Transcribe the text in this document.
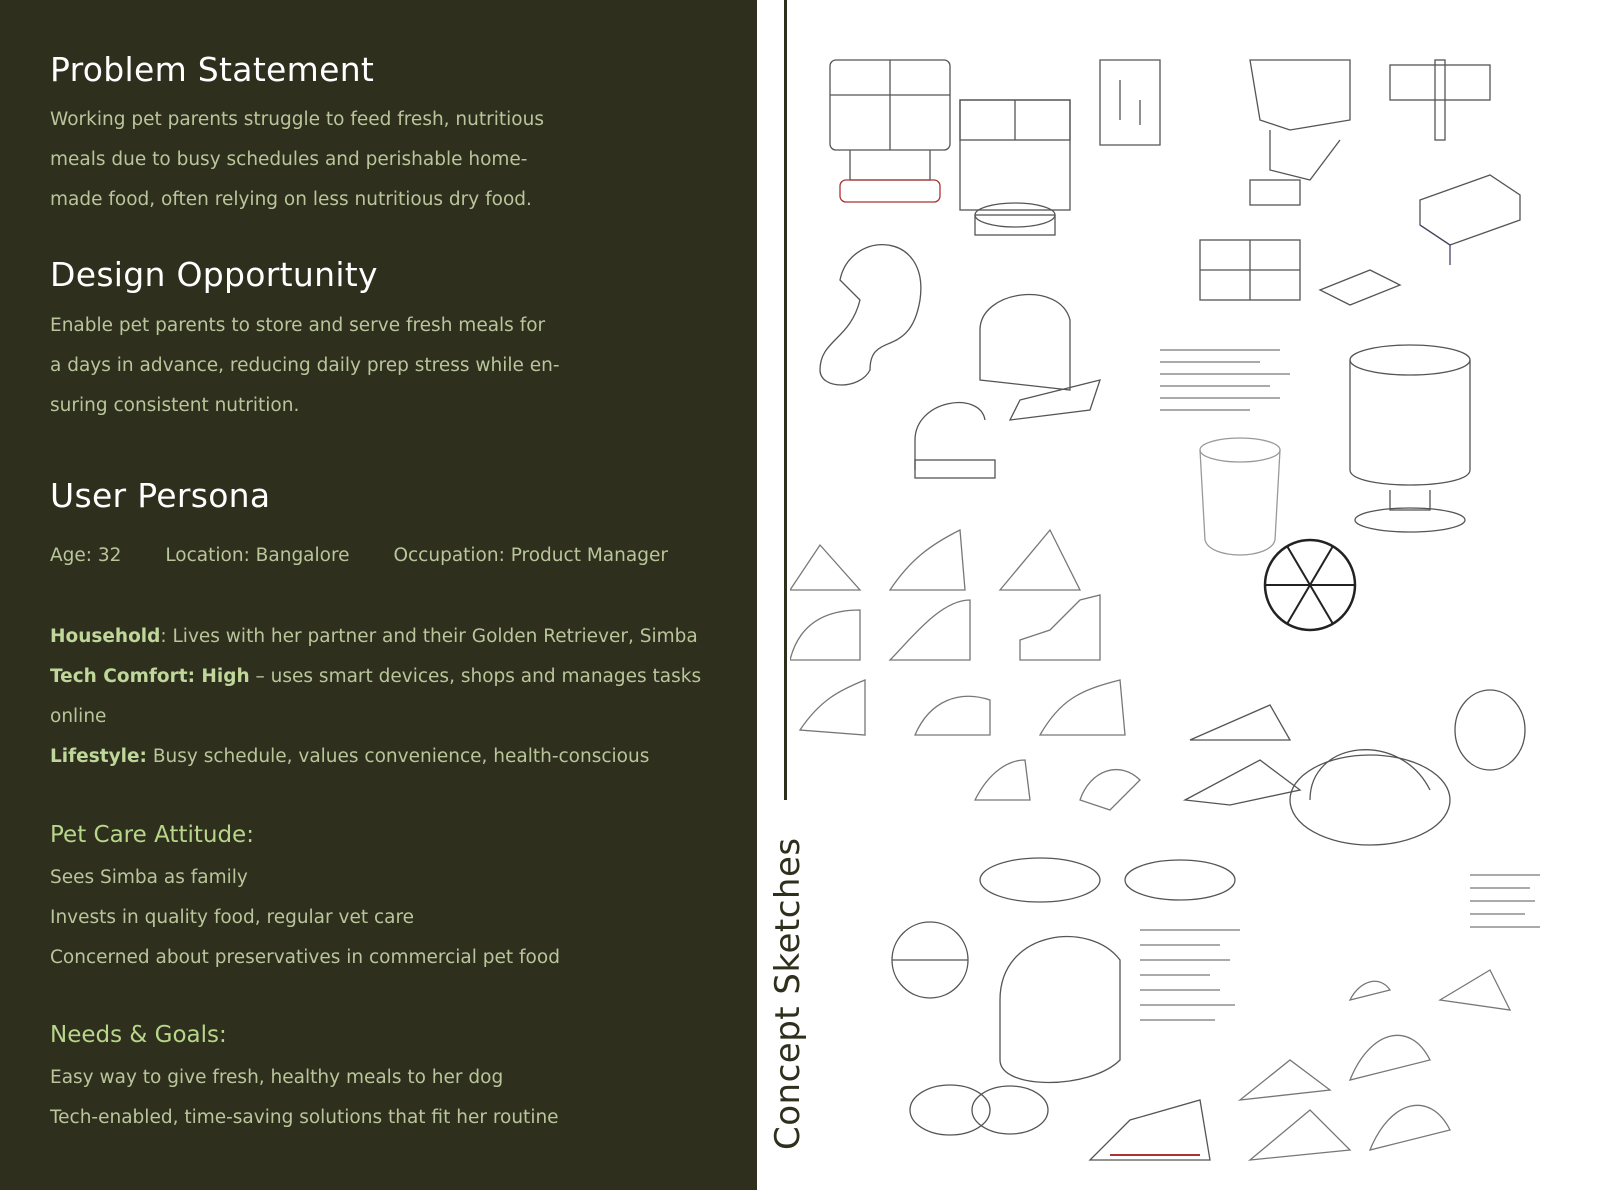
Problem Statement
Working pet parents struggle to feed fresh, nutritious
meals due to busy schedules and perishable home-
made food, often relying on less nutritious dry food.
Design Opportunity
Enable pet parents to store and serve fresh meals for
a days in advance, reducing daily prep stress while en-
suring consistent nutrition.
User Persona
Age: 32 Location: Bangalore Occupation: Product Manager
Household: Lives with her partner and their Golden Retriever, Simba
Tech Comfort: High – uses smart devices, shops and manages tasks
online
Lifestyle: Busy schedule, values convenience, health-conscious
Pet Care Attitude:
Sees Simba as family
Invests in quality food, regular vet care
Concerned about preservatives in commercial pet food
Needs & Goals:
Easy way to give fresh, healthy meals to her dog
Tech-enabled, time-saving solutions that fit her routine	Concept Sketches
